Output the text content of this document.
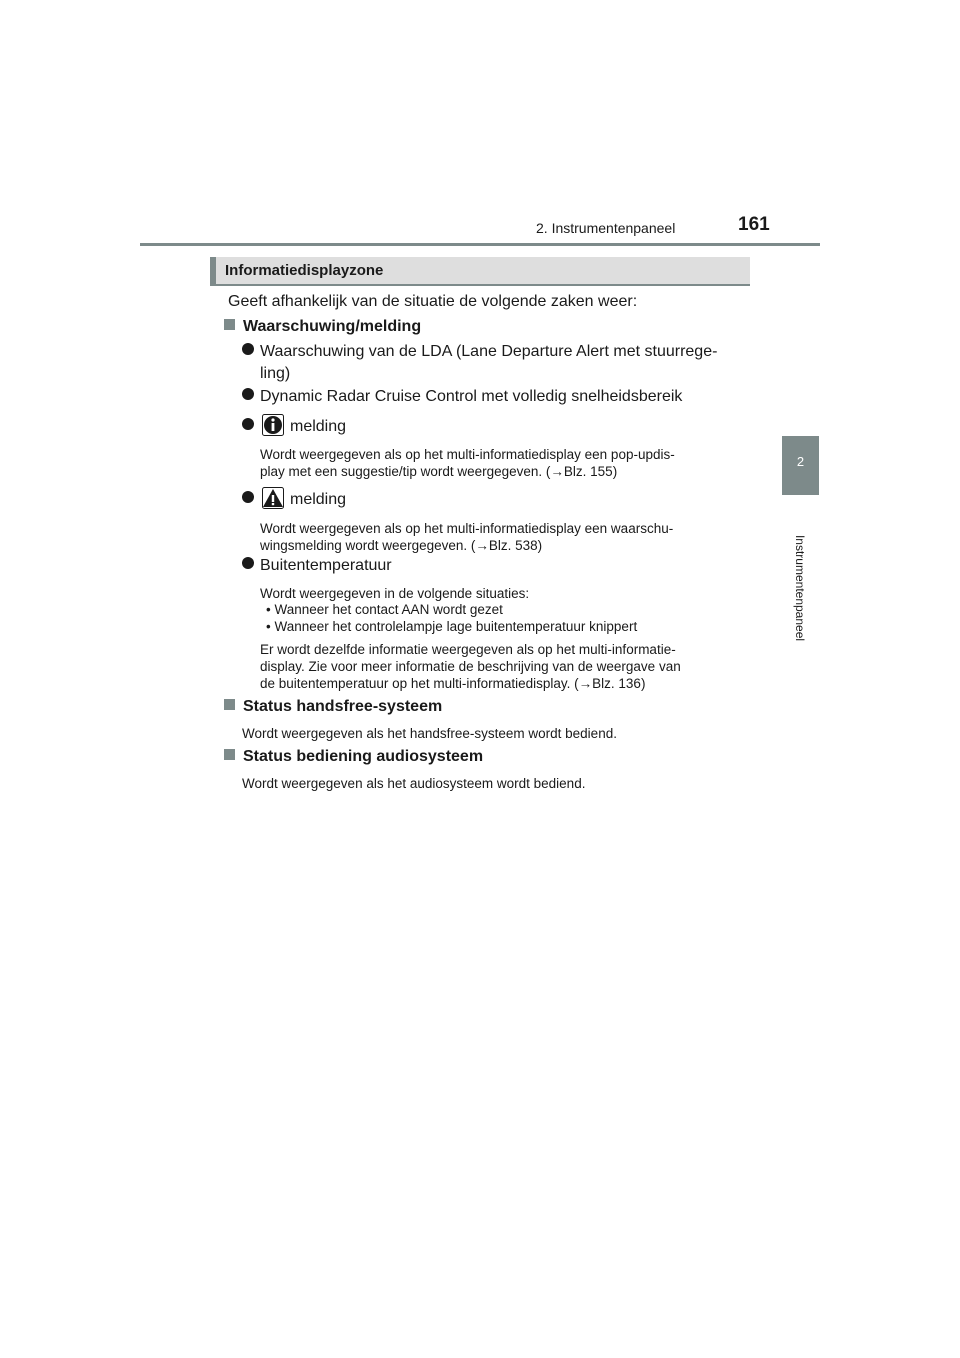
2. Instrumentenpaneel	161
2
Instrumentenpaneel
Informatiedisplayzone
Geeft afhankelijk van de situatie de volgende zaken weer:
Waarschuwing/melding
Waarschuwing van de LDA (Lane Departure Alert met stuurrege-
ling)
Dynamic Radar Cruise Control met volledig snelheidsbereik
melding
Wordt weergegeven als op het multi-informatiedisplay een pop-updis-
play met een suggestie/tip wordt weergegeven. (→Blz. 155)
melding
Wordt weergegeven als op het multi-informatiedisplay een waarschu-
wingsmelding wordt weergegeven. (→Blz. 538)
Buitentemperatuur
Wordt weergegeven in de volgende situaties:
• Wanneer het contact AAN wordt gezet
• Wanneer het controlelampje lage buitentemperatuur knippert
Er wordt dezelfde informatie weergegeven als op het multi-informatie-
display. Zie voor meer informatie de beschrijving van de weergave van
de buitentemperatuur op het multi-informatiedisplay. (→Blz. 136)
Status handsfree-systeem
Wordt weergegeven als het handsfree-systeem wordt bediend.
Status bediening audiosysteem
Wordt weergegeven als het audiosysteem wordt bediend.
